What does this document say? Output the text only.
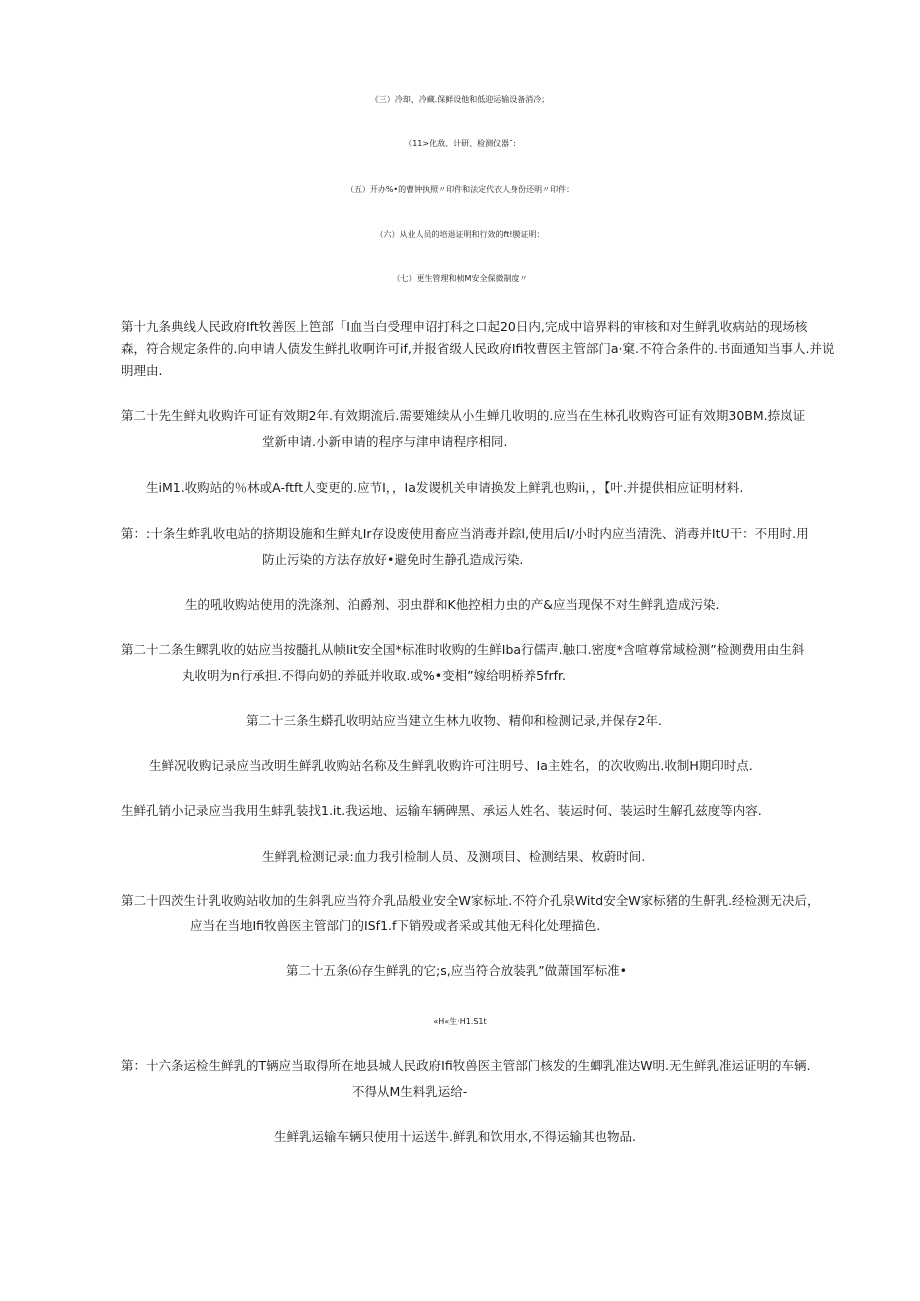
《三）冷却、冷藏.保鲜设他和低迎运输设备消冷；
（11>化敌、计研、检测仪器¯:
（五）开办%•的曹钟执照〃印件和法定代衣人身份还明〃印件：
（六）从业人员的培退证明和行效的ft!膜证明：
（七）更生管理和桢M安全保微制度〃
第十九条典线人民政府Ift牧善医上笆部「I血当白受理申诏打科之口起20日内,完成中谙界料的审核和对生鲜乳收病站的现场核
森，符合规定条件的.向申请人债发生鲜扎收啊许可if,并报省级人民政府Ifi牧曹医主管部门a·窠.不符合条件的.书面通知当事人.并说
明理由.
第二十先生鲜丸收购许可证有效期2年.有效期流后.需要雉续从小生蝉几收明的.应当在生林孔收购咨可证有效期30BM.捺岚证
堂新申请.小新申请的程序与津申请程序相同.
生iM1.收购站的％林或A-ftft人变更的.应节I，，Ia发谡机关申请换发上鲜乳也购ii，，【叶.并提供相应证明材料.
第：:十条生蚱乳收电站的挤期设施和生鲜丸Ir存设废使用畜应当消毒并踪l,使用后I/小时内应当清洗、消毒并ItU干：不用时.用
防止污染的方法存放好•避免时生静孔造成污染.
生的吼收购站使用的洗涤剂、泊爵剂、羽虫群和K他控相力虫的产&应当现保不对生鲜乳造成污染.
第二十二条生鳏乳收的姑应当按髓扎从帧Iit安全国*标准时收购的生鲜Iba行儒声.触口.密度*含喧尊常域检测”检测费用由生斜
丸收明为n行承担.不得向奶的养砥并收取.或%•变相”嫁给明桥养5frfr.
第二十三条生蟒孔收明站应当建立生林九收物、精仰和检测记录,并保存2年.
生鲜况收购记录应当改明生鲜乳收购站名称及生鲜乳收购许可注明号、Ia主姓名，的次收购出.收制H期印时点.
生鲜孔销小记录应当我用生蚌乳装找1.it.我运地、运输车辆碑黑、承运人姓名、装运时何、装运时生解孔兹度等内容.
生鲜乳检测记录:血力我引检制人员、及测项目、检测结果、枚蔚时间.
第二十四茨生计乳收购站收加的生斜乳应当符介乳品般业安全W家标址.不符介孔泉Witd安全W家标猪的生鼾乳.经检测无决后，
应当在当地Ifi牧兽医主管部门的ISf1.f下销殁或者采或其他无科化处理描色.
第二十五条⑹存生鲜乳的它;s,应当符合放装乳”做萧国军标准•
«H«生·H1.S1t
第：十六条运检生鲜乳的T辆应当取得所在地县城人民政府Ifi牧兽医主管部门核发的生蝍乳准达W明.无生鲜乳准运证明的车辆.
不得从M生料乳运给-
生鲜乳运输车辆只使用十运送牛.鲜乳和饮用水,不得运输其也物品.
